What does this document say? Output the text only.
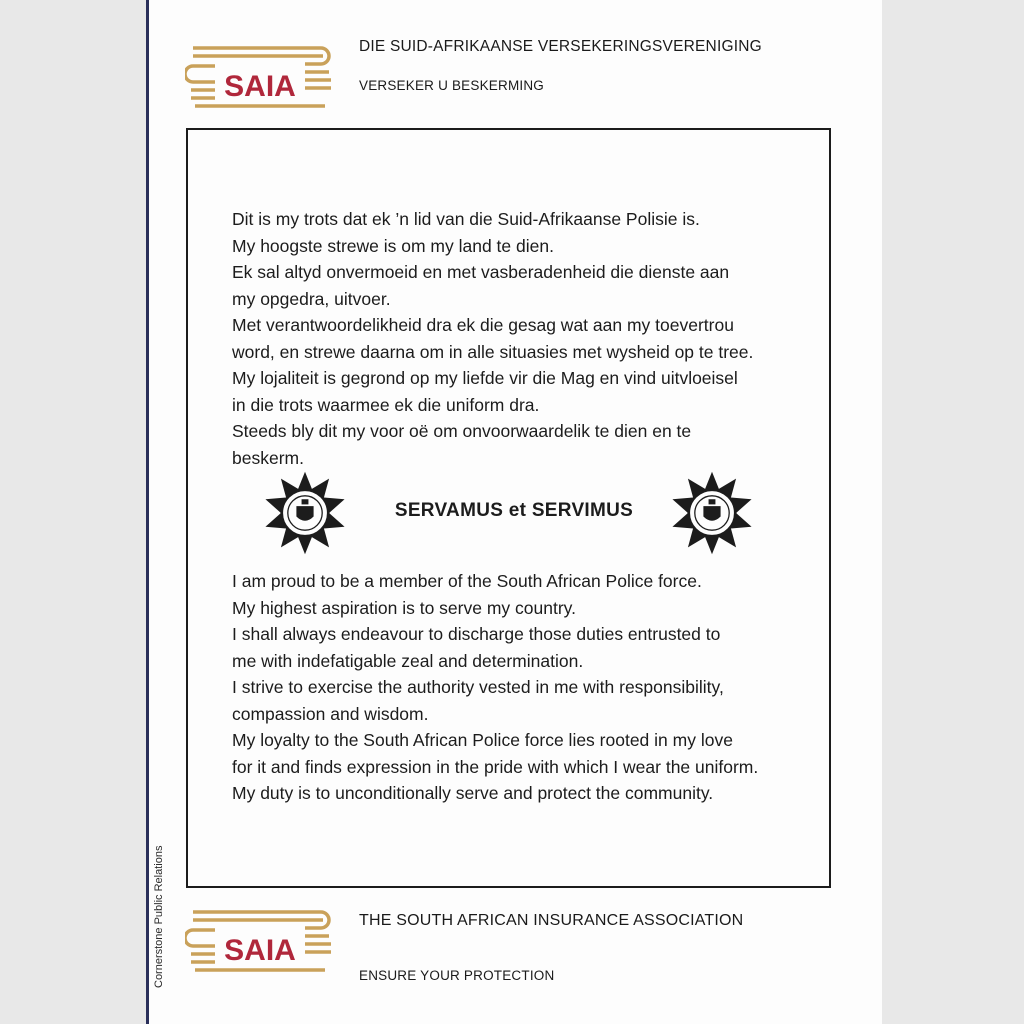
SAIA
DIE SUID-AFRIKAANSE VERSEKERINGSVERENIGING
VERSEKER U BESKERMING
Dit is my trots dat ek ’n lid van die Suid-Afrikaanse Polisie is.
My hoogste strewe is om my land te dien.
Ek sal altyd onvermoeid en met vasberadenheid die dienste aan
my opgedra, uitvoer.
Met verantwoordelikheid dra ek die gesag wat aan my toevertrou
word, en strewe daarna om in alle situasies met wysheid op te tree.
My lojaliteit is gegrond op my liefde vir die Mag en vind uitvloeisel
in die trots waarmee ek die uniform dra.
Steeds bly dit my voor oë om onvoorwaardelik te dien en te
beskerm.
SERVAMUS et SERVIMUS
I am proud to be a member of the South African Police force.
My highest aspiration is to serve my country.
I shall always endeavour to discharge those duties entrusted to
me with indefatigable zeal and determination.
I strive to exercise the authority vested in me with responsibility,
compassion and wisdom.
My loyalty to the South African Police force lies rooted in my love
for it and finds expression in the pride with which I wear the uniform.
My duty is to unconditionally serve and protect the community.
SAIA
THE SOUTH AFRICAN INSURANCE ASSOCIATION
ENSURE YOUR PROTECTION
Cornerstone Public Relations
